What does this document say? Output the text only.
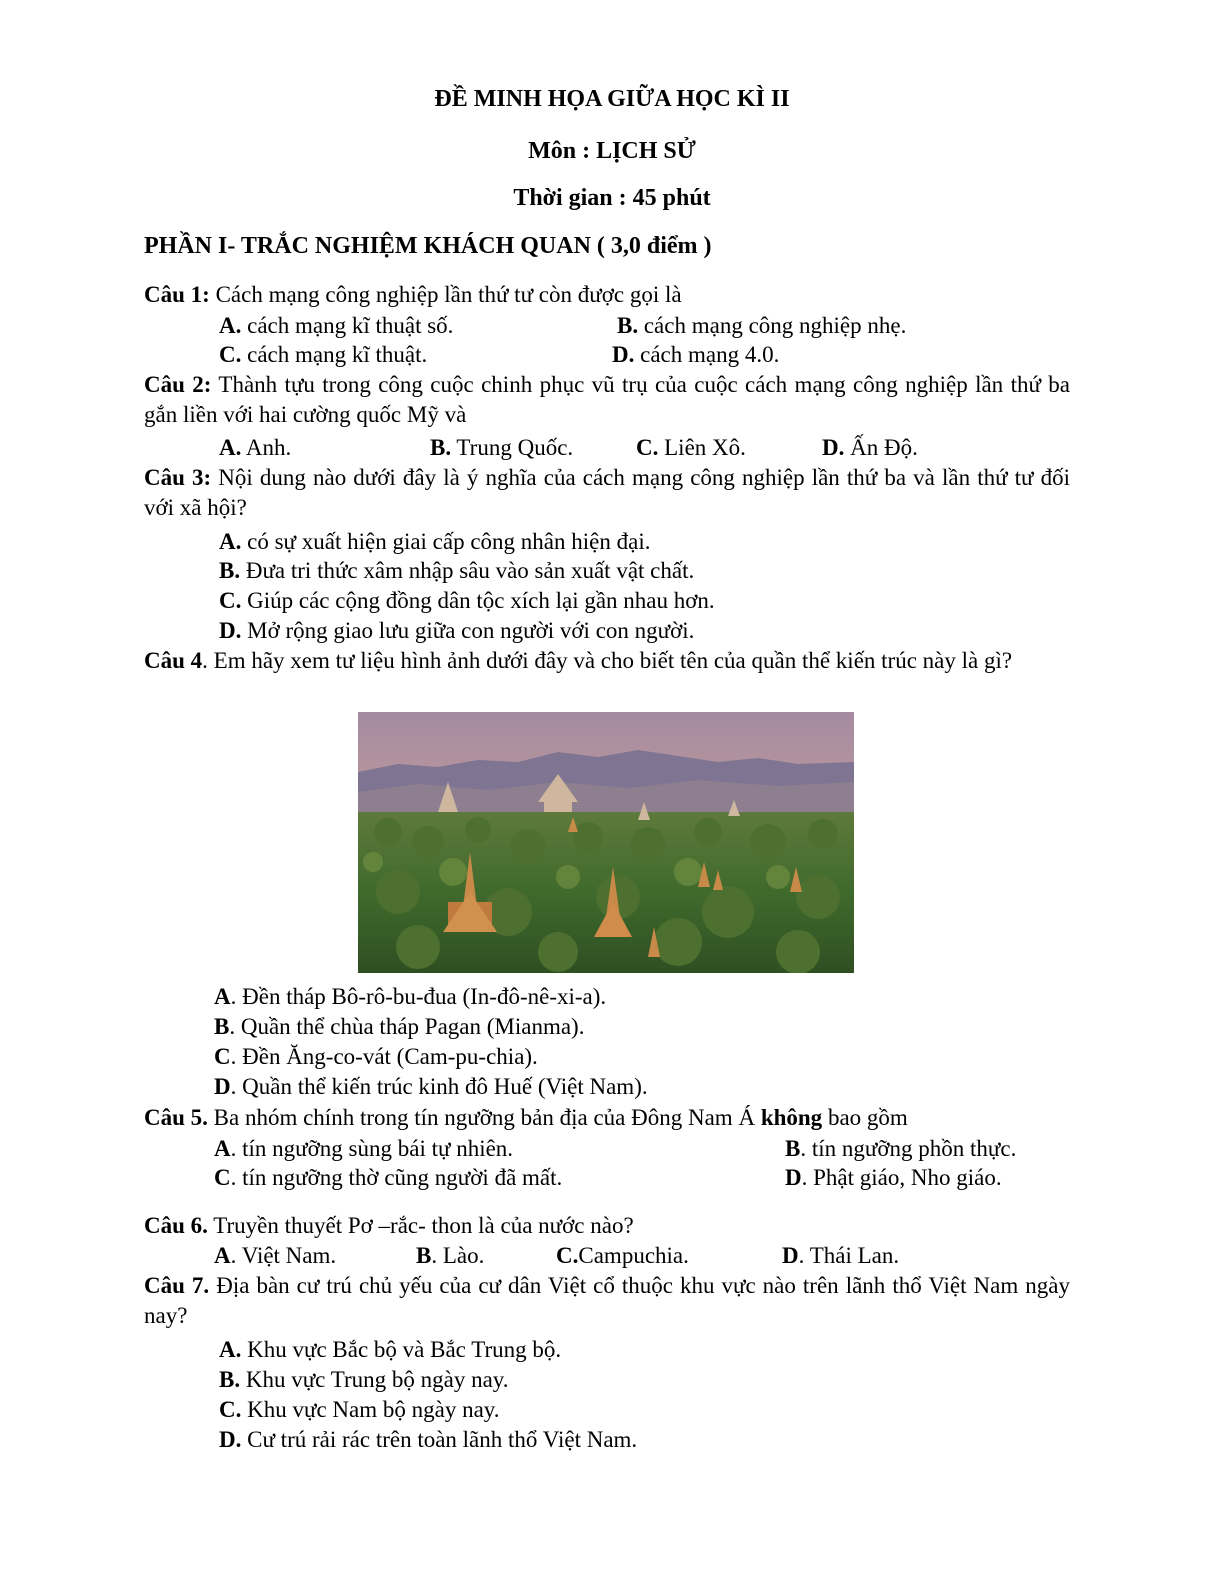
ĐỀ MINH HỌA GIỮA HỌC KÌ II
Môn : LỊCH SỬ
Thời gian : 45 phút
PHẦN I- TRẮC NGHIỆM KHÁCH QUAN ( 3,0 điểm )
Câu 1: Cách mạng công nghiệp lần thứ tư còn được gọi là
A. cách mạng kĩ thuật số.	B. cách mạng công nghiệp nhẹ.
C. cách mạng kĩ thuật.	D. cách mạng 4.0.
Câu 2: Thành tựu trong công cuộc chinh phục vũ trụ của cuộc cách mạng công nghiệp lần thứ ba gắn liền với hai cường quốc Mỹ và
A. Anh.	B. Trung Quốc.	C. Liên Xô.	D. Ấn Độ.
Câu 3: Nội dung nào dưới đây là ý nghĩa của cách mạng công nghiệp lần thứ ba và lần thứ tư đối với xã hội?
A. có sự xuất hiện giai cấp công nhân hiện đại.
B. Đưa tri thức xâm nhập sâu vào sản xuất vật chất.
C. Giúp các cộng đồng dân tộc xích lại gần nhau hơn.
D. Mở rộng giao lưu giữa con người với con người.
Câu 4. Em hãy xem tư liệu hình ảnh dưới đây và cho biết tên của quần thể kiến trúc này là gì?
A. Đền tháp Bô-rô-bu-đua (In-đô-nê-xi-a).
B. Quần thể chùa tháp Pagan (Mianma).
C. Đền Ăng-co-vát (Cam-pu-chia).
D. Quần thể kiến trúc kinh đô Huế (Việt Nam).
Câu 5. Ba nhóm chính trong tín ngưỡng bản địa của Đông Nam Á không bao gồm
A. tín ngưỡng sùng bái tự nhiên.	B. tín ngưỡng phồn thực.
C. tín ngưỡng thờ cũng người đã mất.	D. Phật giáo, Nho giáo.
Câu 6. Truyền thuyết Pơ –rắc- thon là của nước nào?
A. Việt Nam.	B. Lào.	C.Campuchia.	D. Thái Lan.
Câu 7. Địa bàn cư trú chủ yếu của cư dân Việt cổ thuộc khu vực nào trên lãnh thổ Việt Nam ngày nay?
A. Khu vực Bắc bộ và Bắc Trung bộ.
B. Khu vực Trung bộ ngày nay.
C. Khu vực Nam bộ ngày nay.
D. Cư trú rải rác trên toàn lãnh thổ Việt Nam.
